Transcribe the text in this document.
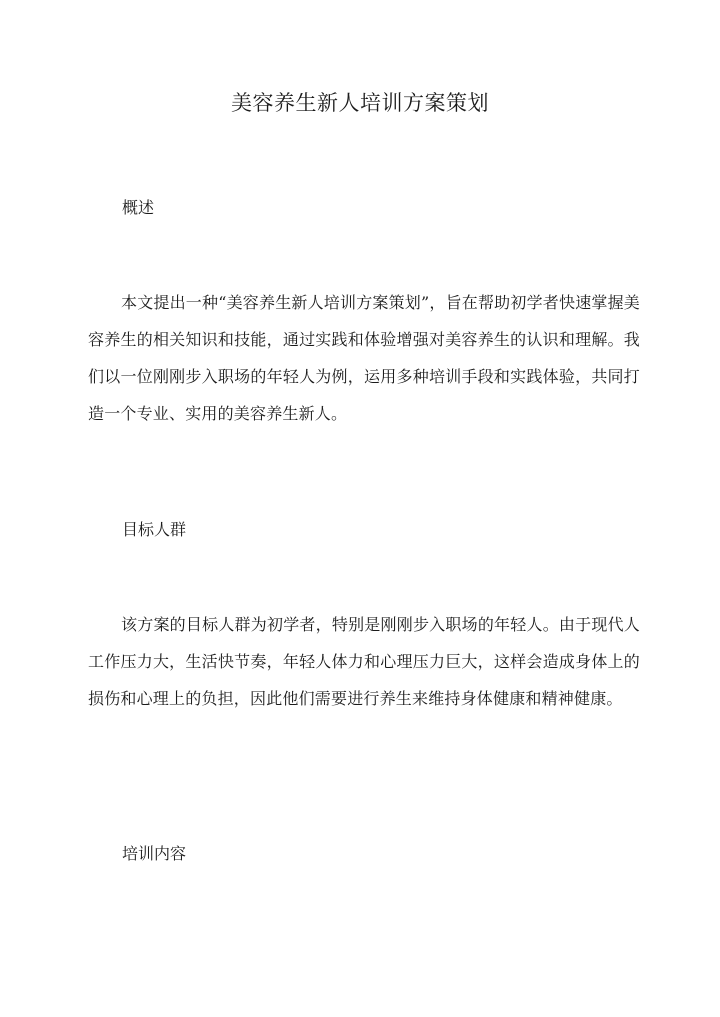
美容养生新人培训方案策划
概述

本文提出一种“美容养生新人培训方案策划”，旨在帮助初学者快速掌握美容养生的相关知识和技能，通过实践和体验增强对美容养生的认识和理解。我们以一位刚刚步入职场的年轻人为例，运用多种培训手段和实践体验，共同打造一个专业、实用的美容养生新人。

目标人群

该方案的目标人群为初学者，特别是刚刚步入职场的年轻人。由于现代人工作压力大，生活快节奏，年轻人体力和心理压力巨大，这样会造成身体上的损伤和心理上的负担，因此他们需要进行养生来维持身体健康和精神健康。

培训内容
